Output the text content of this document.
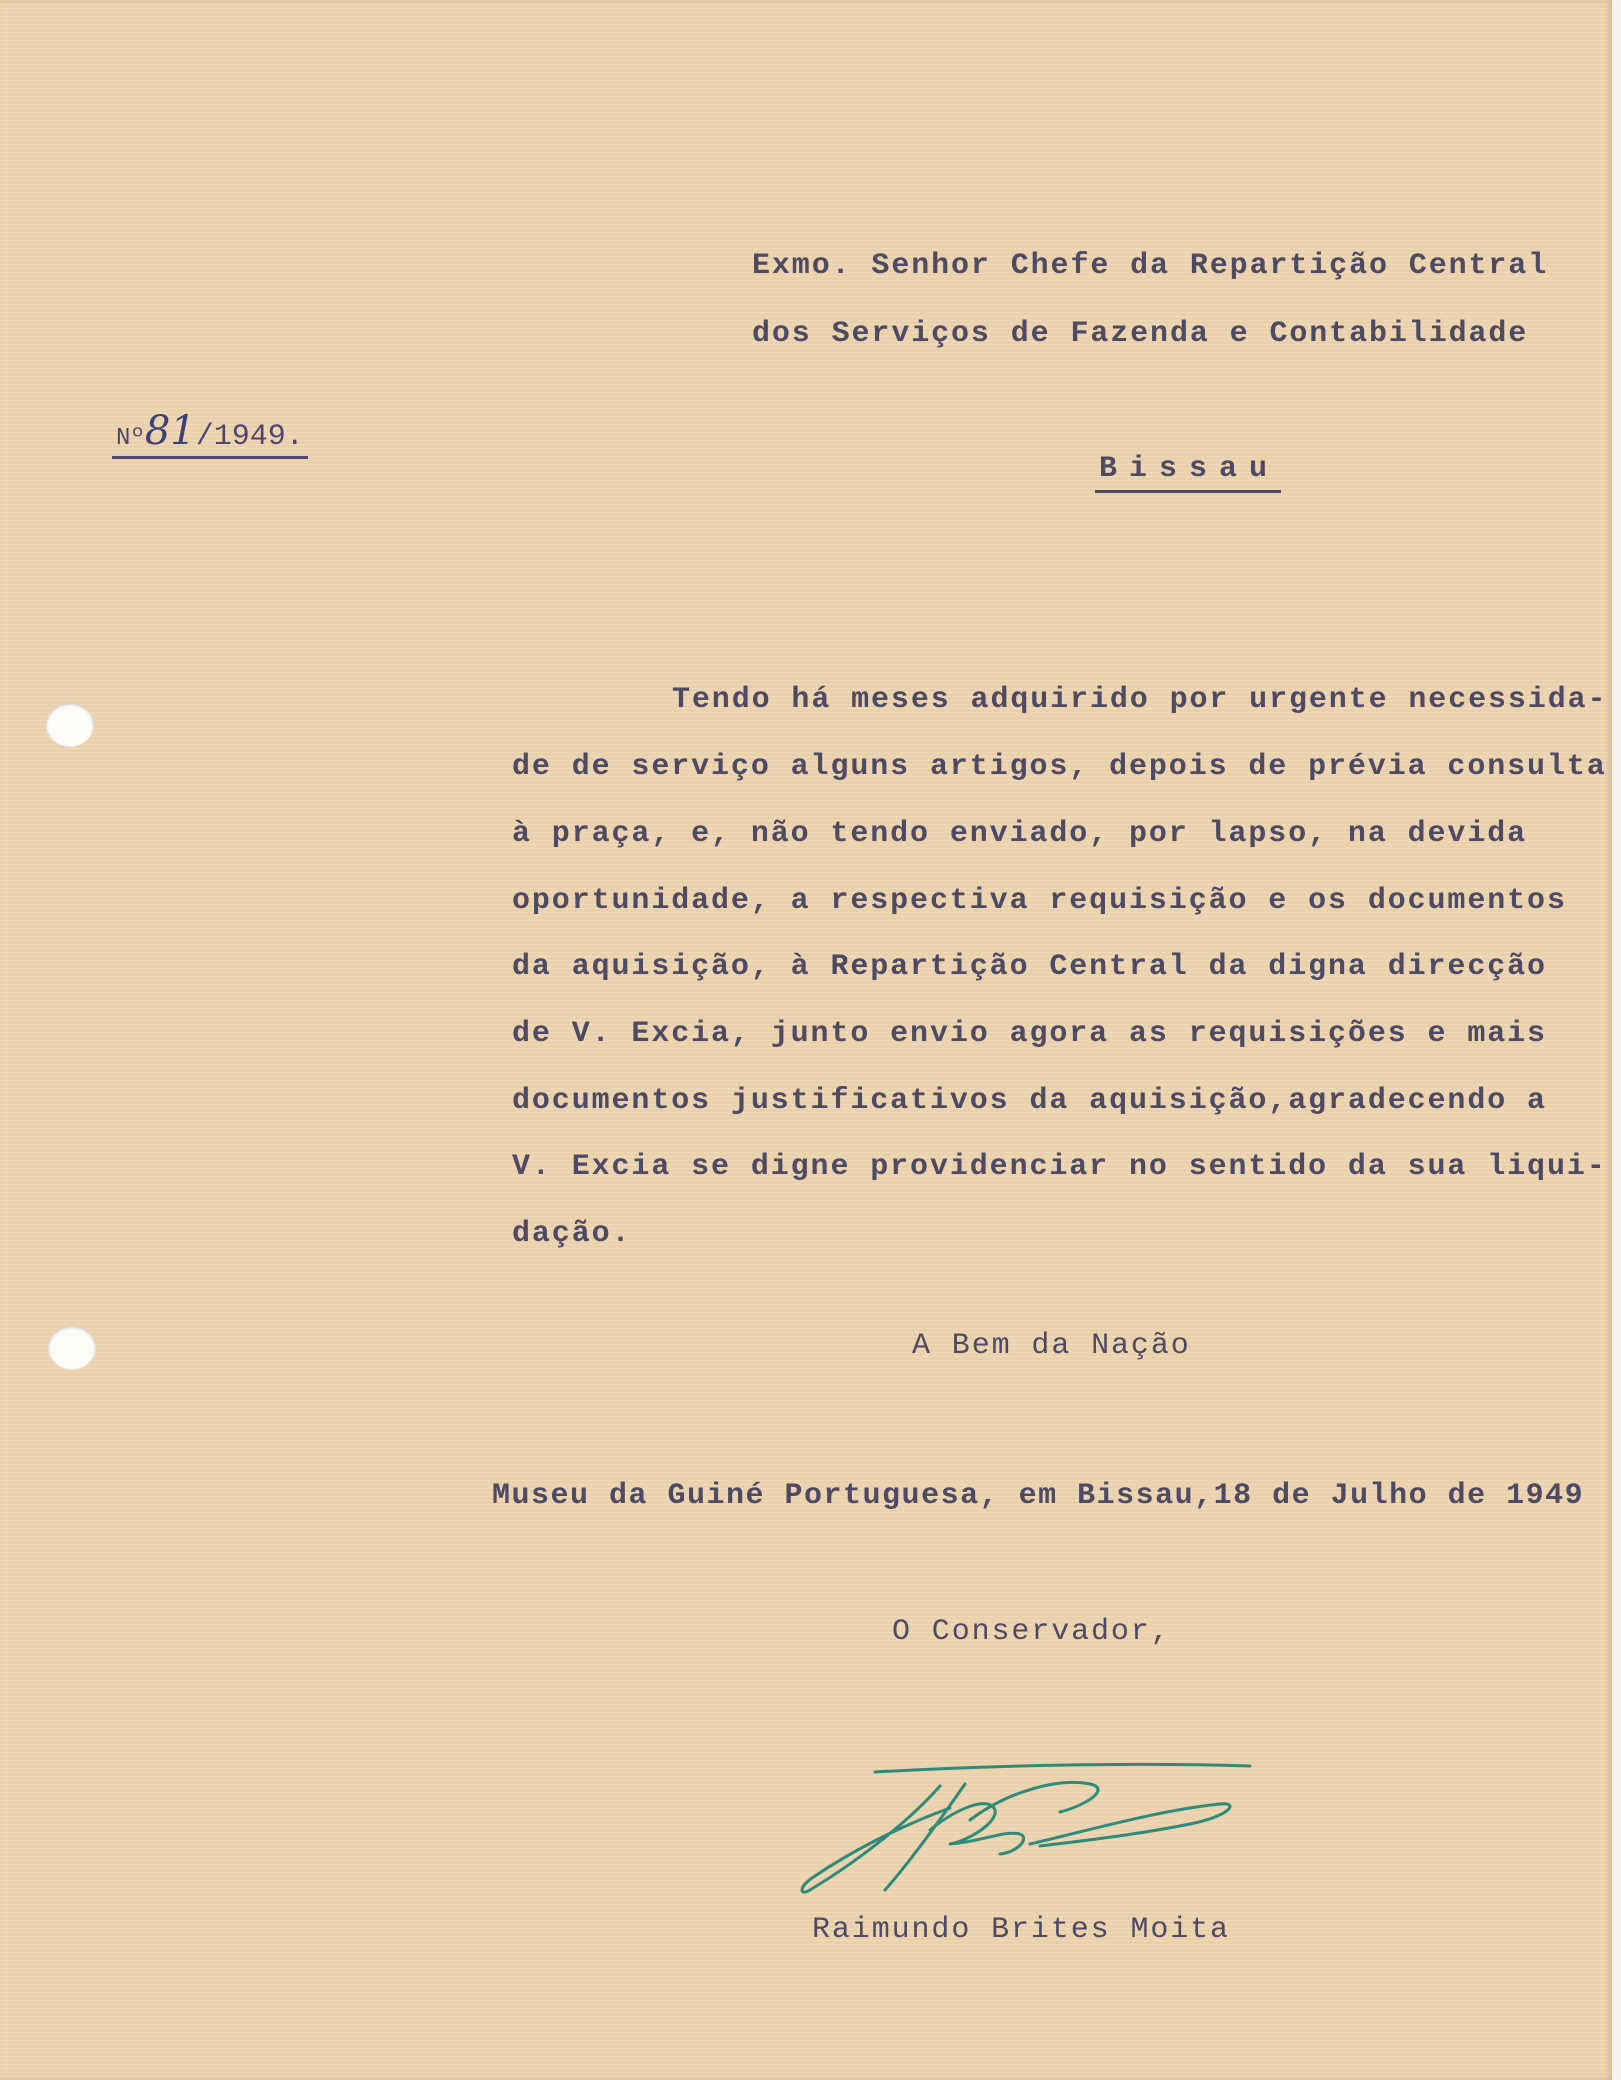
Exmo. Senhor Chefe da Repartição Central
dos Serviços de Fazenda e Contabilidade
Nº81/1949.
Bissau
Tendo há meses adquirido por urgente necessida-
de de serviço alguns artigos, depois de prévia consulta
à praça, e, não tendo enviado, por lapso, na devida
oportunidade, a respectiva requisição e os documentos
da aquisição, à Repartição Central da digna direcção
de V. Excia, junto envio agora as requisições e mais
documentos justificativos da aquisição,agradecendo a
V. Excia se digne providenciar no sentido da sua liqui-
dação.
A Bem da Nação
Museu da Guiné Portuguesa, em Bissau,18 de Julho de 1949
O Conservador,
Raimundo Brites Moita
